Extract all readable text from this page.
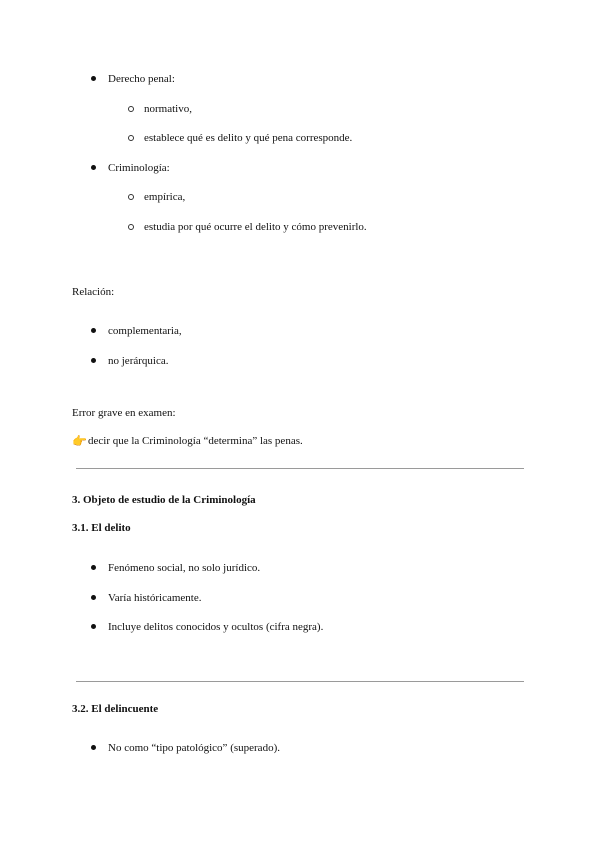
Derecho penal:
normativo,
establece qué es delito y qué pena corresponde.
Criminología:
empírica,
estudia por qué ocurre el delito y cómo prevenirlo.
Relación:
complementaria,
no jerárquica.
Error grave en examen:
👉 decir que la Criminología “determina” las penas.
3. Objeto de estudio de la Criminología
3.1. El delito
Fenómeno social, no solo jurídico.
Varía históricamente.
Incluye delitos conocidos y ocultos (cifra negra).
3.2. El delincuente
No como “tipo patológico” (superado).
